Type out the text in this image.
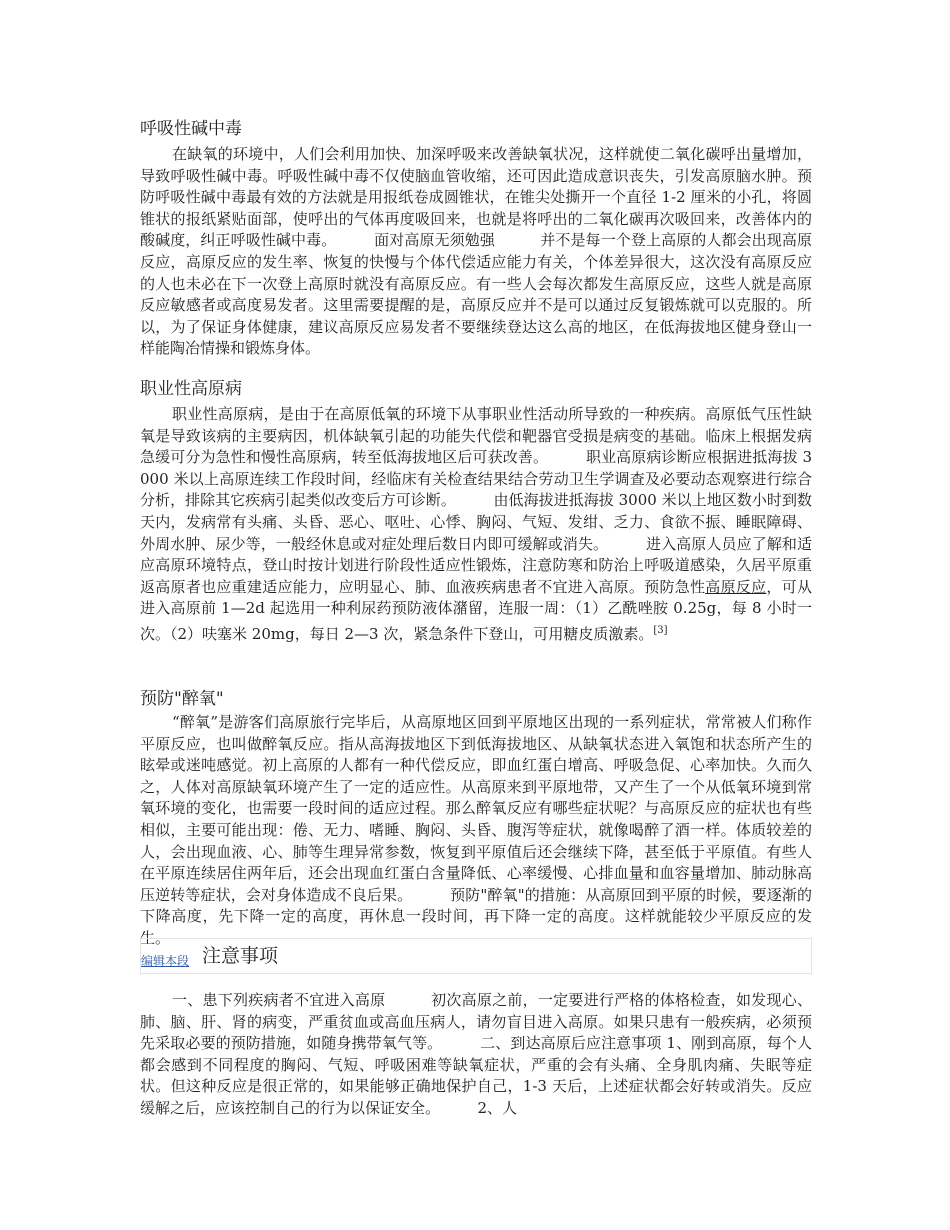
呼吸性碱中毒

在缺氧的环境中，人们会利用加快、加深呼吸来改善缺氧状况，这样就使二氧化碳呼出量增加，导致呼吸性碱中毒。呼吸性碱中毒不仅使脑血管收缩，还可因此造成意识丧失，引发高原脑水肿。预防呼吸性碱中毒最有效的方法就是用报纸卷成圆锥状，在锥尖处撕开一个直径 1-2 厘米的小孔，将圆锥状的报纸紧贴面部，使呼出的气体再度吸回来，也就是将呼出的二氧化碳再次吸回来，改善体内的酸碱度，纠正呼吸性碱中毒。　　　面对高原无须勉强　　　并不是每一个登上高原的人都会出现高原反应，高原反应的发生率、恢复的快慢与个体代偿适应能力有关，个体差异很大，这次没有高原反应的人也未必在下一次登上高原时就没有高原反应。有一些人会每次都发生高原反应，这些人就是高原反应敏感者或高度易发者。这里需要提醒的是，高原反应并不是可以通过反复锻炼就可以克服的。所以，为了保证身体健康，建议高原反应易发者不要继续登达这么高的地区，在低海拔地区健身登山一样能陶冶情操和锻炼身体。

职业性高原病

职业性高原病，是由于在高原低氧的环境下从事职业性活动所导致的一种疾病。高原低气压性缺氧是导致该病的主要病因，机体缺氧引起的功能失代偿和靶器官受损是病变的基础。临床上根据发病急缓可分为急性和慢性高原病，转至低海拔地区后可获改善。　　　职业高原病诊断应根据进抵海拔 3000 米以上高原连续工作段时间，经临床有关检查结果结合劳动卫生学调查及必要动态观察进行综合分析，排除其它疾病引起类似改变后方可诊断。　　　由低海拔进抵海拔 3000 米以上地区数小时到数天内，发病常有头痛、头昏、恶心、呕吐、心悸、胸闷、气短、发绀、乏力、食欲不振、睡眠障碍、外周水肿、尿少等，一般经休息或对症处理后数日内即可缓解或消失。　　　进入高原人员应了解和适应高原环境特点，登山时按计划进行阶段性适应性锻炼，注意防寒和防治上呼吸道感染，久居平原重返高原者也应重建适应能力，应明显心、肺、血液疾病患者不宜进入高原。预防急性高原反应，可从进入高原前 1—2d 起选用一种利尿药预防液体潴留，连服一周：（1）乙酰唑胺 0.25g，每 8 小时一次。（2）呋塞米 20mg，每日 2—3 次，紧急条件下登山，可用糖皮质激素。[3]

预防"醉氧"

“醉氧”是游客们高原旅行完毕后，从高原地区回到平原地区出现的一系列症状，常常被人们称作平原反应，也叫做醉氧反应。指从高海拔地区下到低海拔地区、从缺氧状态进入氧饱和状态所产生的眩晕或迷吨感觉。初上高原的人都有一种代偿反应，即血红蛋白增高、呼吸急促、心率加快。久而久之，人体对高原缺氧环境产生了一定的适应性。从高原来到平原地带，又产生了一个从低氧环境到常氧环境的变化，也需要一段时间的适应过程。那么醉氧反应有哪些症状呢？与高原反应的症状也有些相似，主要可能出现：倦、无力、嗜睡、胸闷、头昏、腹泻等症状，就像喝醉了酒一样。体质较差的人，会出现血液、心、肺等生理异常参数，恢复到平原值后还会继续下降，甚至低于平原值。有些人在平原连续居住两年后，还会出现血红蛋白含量降低、心率缓慢、心排血量和血容量增加、肺动脉高压逆转等症状，会对身体造成不良后果。　　　预防"醉氧"的措施：从高原回到平原的时候，要逐渐的下降高度，先下降一定的高度，再休息一段时间，再下降一定的高度。这样就能较少平原反应的发生。

编辑本段 注意事项

一、患下列疾病者不宜进入高原　　　初次高原之前，一定要进行严格的体格检查，如发现心、肺、脑、肝、肾的病变，严重贫血或高血压病人，请勿盲目进入高原。如果只患有一般疾病，必须预先采取必要的预防措施，如随身携带氧气等。　　　二、到达高原后应注意事项 1、刚到高原，每个人都会感到不同程度的胸闷、气短、呼吸困难等缺氧症状，严重的会有头痛、全身肌肉痛、失眠等症状。但这种反应是很正常的，如果能够正确地保护自己，1-3 天后，上述症状都会好转或消失。反应缓解之后，应该控制自己的行为以保证安全。　　　2、人
